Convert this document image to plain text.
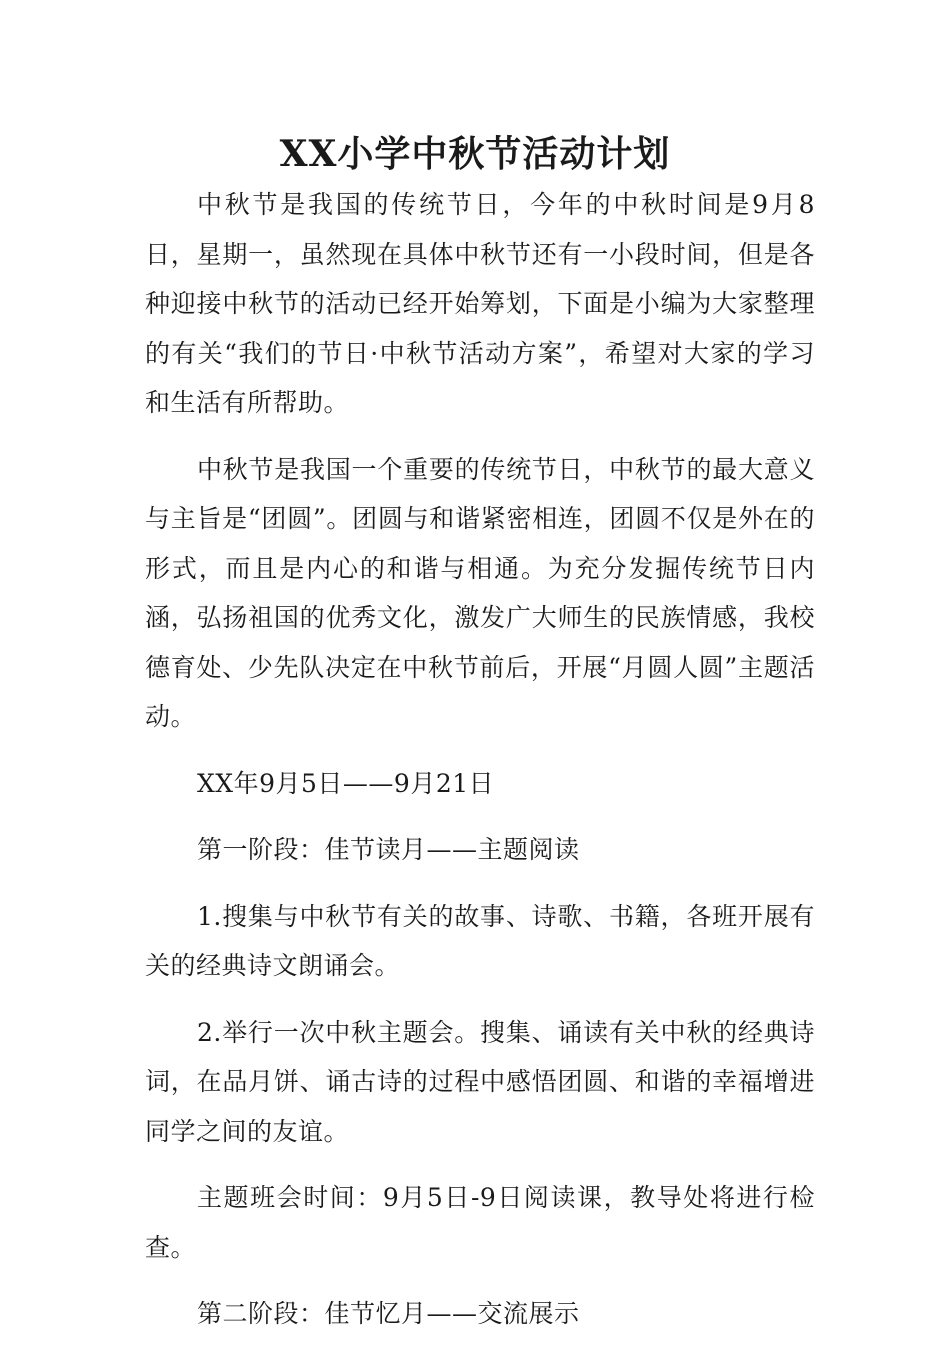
XX小学中秋节活动计划

中秋节是我国的传统节日，今年的中秋时间是9月8日，星期一，虽然现在具体中秋节还有一小段时间，但是各种迎接中秋节的活动已经开始筹划，下面是小编为大家整理的有关“我们的节日·中秋节活动方案”，希望对大家的学习和生活有所帮助。

中秋节是我国一个重要的传统节日，中秋节的最大意义与主旨是“团圆”。团圆与和谐紧密相连，团圆不仅是外在的形式，而且是内心的和谐与相通。为充分发掘传统节日内涵，弘扬祖国的优秀文化，激发广大师生的民族情感，我校德育处、少先队决定在中秋节前后，开展“月圆人圆”主题活动。

XX年9月5日——9月21日

第一阶段：佳节读月——主题阅读

1.搜集与中秋节有关的故事、诗歌、书籍，各班开展有关的经典诗文朗诵会。

2.举行一次中秋主题会。搜集、诵读有关中秋的经典诗词，在品月饼、诵古诗的过程中感悟团圆、和谐的幸福增进同学之间的友谊。

主题班会时间：9月5日-9日阅读课，教导处将进行检查。

第二阶段：佳节忆月——交流展示
